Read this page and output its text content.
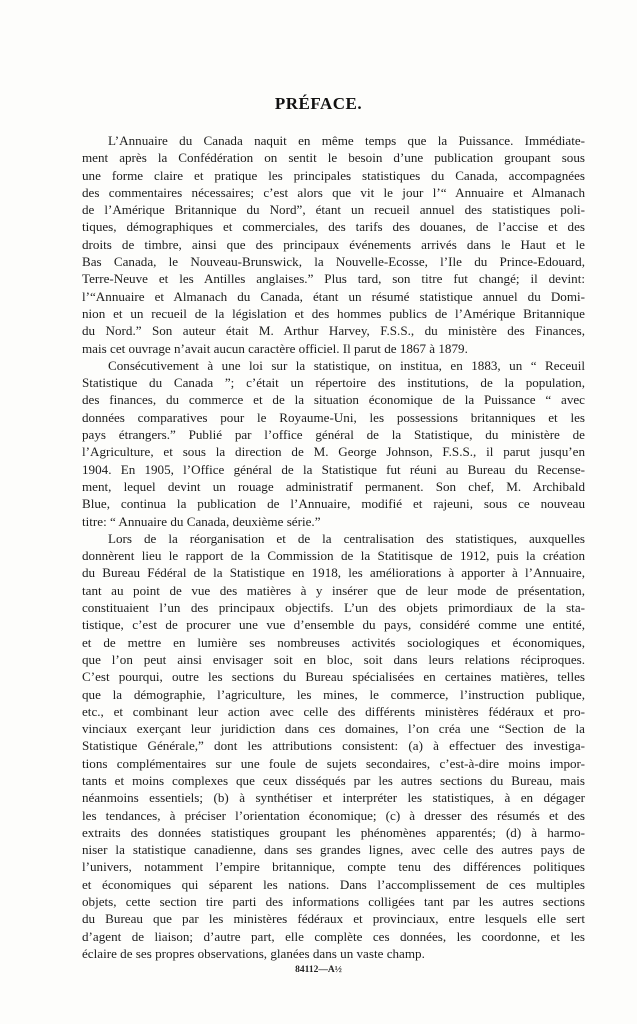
PRÉFACE.
L’Annuaire du Canada naquit en même temps que la Puissance. Immédiate-
ment après la Confédération on sentit le besoin d’une publication groupant sous
une forme claire et pratique les principales statistiques du Canada, accompagnées
des commentaires nécessaires; c’est alors que vit le jour l’“ Annuaire et Almanach
de l’Amérique Britannique du Nord”, étant un recueil annuel des statistiques poli-
tiques, démographiques et commerciales, des tarifs des douanes, de l’accise et des
droits de timbre, ainsi que des principaux événements arrivés dans le Haut et le
Bas Canada, le Nouveau-Brunswick, la Nouvelle-Ecosse, l’Ile du Prince-Edouard,
Terre-Neuve et les Antilles anglaises.” Plus tard, son titre fut changé; il devint:
l’“Annuaire et Almanach du Canada, étant un résumé statistique annuel du Domi-
nion et un recueil de la législation et des hommes publics de l’Amérique Britannique
du Nord.” Son auteur était M. Arthur Harvey, F.S.S., du ministère des Finances,
mais cet ouvrage n’avait aucun caractère officiel. Il parut de 1867 à 1879.
Consécutivement à une loi sur la statistique, on institua, en 1883, un “ Receuil
Statistique du Canada ”; c’était un répertoire des institutions, de la population,
des finances, du commerce et de la situation économique de la Puissance “ avec
données comparatives pour le Royaume-Uni, les possessions britanniques et les
pays étrangers.” Publié par l’office général de la Statistique, du ministère de
l’Agriculture, et sous la direction de M. George Johnson, F.S.S., il parut jusqu’en
1904. En 1905, l’Office général de la Statistique fut réuni au Bureau du Recense-
ment, lequel devint un rouage administratif permanent. Son chef, M. Archibald
Blue, continua la publication de l’Annuaire, modifié et rajeuni, sous ce nouveau
titre: “ Annuaire du Canada, deuxième série.”
Lors de la réorganisation et de la centralisation des statistiques, auxquelles
donnèrent lieu le rapport de la Commission de la Statitisque de 1912, puis la création
du Bureau Fédéral de la Statistique en 1918, les améliorations à apporter à l’Annuaire,
tant au point de vue des matières à y insérer que de leur mode de présentation,
constituaient l’un des principaux objectifs. L’un des objets primordiaux de la sta-
tistique, c’est de procurer une vue d’ensemble du pays, considéré comme une entité,
et de mettre en lumière ses nombreuses activités sociologiques et économiques,
que l’on peut ainsi envisager soit en bloc, soit dans leurs relations réciproques.
C’est pourqui, outre les sections du Bureau spécialisées en certaines matières, telles
que la démographie, l’agriculture, les mines, le commerce, l’instruction publique,
etc., et combinant leur action avec celle des différents ministères fédéraux et pro-
vinciaux exerçant leur juridiction dans ces domaines, l’on créa une “Section de la
Statistique Générale,” dont les attributions consistent: (a) à effectuer des investiga-
tions complémentaires sur une foule de sujets secondaires, c’est-à-dire moins impor-
tants et moins complexes que ceux disséqués par les autres sections du Bureau, mais
néanmoins essentiels; (b) à synthétiser et interpréter les statistiques, à en dégager
les tendances, à préciser l’orientation économique; (c) à dresser des résumés et des
extraits des données statistiques groupant les phénomènes apparentés; (d) à harmo-
niser la statistique canadienne, dans ses grandes lignes, avec celle des autres pays de
l’univers, notamment l’empire britannique, compte tenu des différences politiques
et économiques qui séparent les nations. Dans l’accomplissement de ces multiples
objets, cette section tire parti des informations colligées tant par les autres sections
du Bureau que par les ministères fédéraux et provinciaux, entre lesquels elle sert
d’agent de liaison; d’autre part, elle complète ces données, les coordonne, et les
éclaire de ses propres observations, glanées dans un vaste champ.
84112—A½
